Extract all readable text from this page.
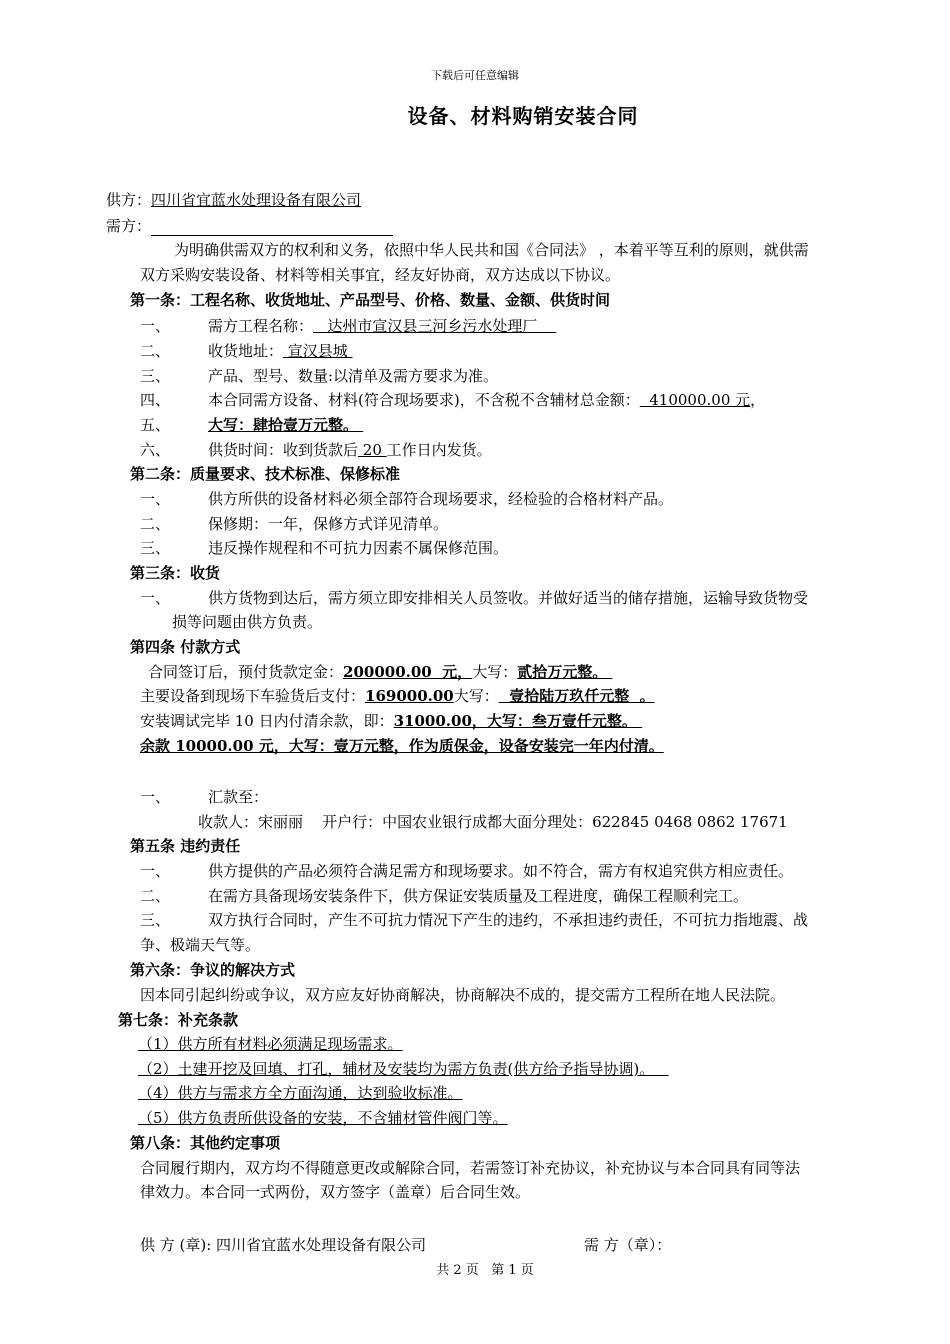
下载后可任意编辑
设备、材料购销安装合同
供方：四川省宜蓝水处理设备有限公司
需方：
为明确供需双方的权利和义务，依照中华人民共和国《合同法》 ，本着平等互利的原则，就供需
双方采购安装设备、材料等相关事宜，经友好协商，双方达成以下协议。
第一条：工程名称、收货地址、产品型号、价格、数量、金额、供货时间
一、	需方工程名称：   达州市宣汉县三河乡污水处理厂
二、	收货地址： 宣汉县城
三、	产品、型号、数量:以清单及需方要求为准。
四、	本合同需方设备、材料(符合现场要求)，不含税不含辅材总金额：  410000.00 元，
五、	大写：肆拾壹万元整。
六、	供货时间：收到货款后 20 工作日内发货。
第二条：质量要求、技术标准、保修标准
一、	供方所供的设备材料必须全部符合现场要求，经检验的合格材料产品。
二、	保修期：一年，保修方式详见清单。
三、	违反操作规程和不可抗力因素不属保修范围。
第三条：收货
一、	供方货物到达后，需方须立即安排相关人员签收。并做好适当的储存措施，运输导致货物受
损等问题由供方负责。
第四条 付款方式
合同签订后，预付货款定金：200000.00  元，大写：贰拾万元整。
主要设备到现场下车验货后支付：169000.00大写：  壹拾陆万玖仟元整  。
安装调试完毕 10 日内付清余款，即：31000.00，大写：叁万壹仟元整。
余款 10000.00 元，大写：壹万元整，作为质保金，设备安装完一年内付清。
一、	汇款至：
收款人：宋丽丽    开户行：中国农业银行成都大面分理处：622845 0468 0862 17671
第五条 违约责任
一、	供方提供的产品必须符合满足需方和现场要求。如不符合，需方有权追究供方相应责任。
二、	在需方具备现场安装条件下，供方保证安装质量及工程进度，确保工程顺利完工。
三、	双方执行合同时，产生不可抗力情况下产生的违约，不承担违约责任，不可抗力指地震、战
争、极端天气等。
第六条：争议的解决方式
因本同引起纠纷或争议，双方应友好协商解决，协商解决不成的，提交需方工程所在地人民法院。
第七条：补充条款
（1）供方所有材料必须满足现场需求。
（2）土建开挖及回填、打孔，辅材及安装均为需方负责(供方给予指导协调)。
（4）供方与需求方全方面沟通，达到验收标准。
（5）供方负责所供设备的安装，不含辅材管件阀门等。
第八条：其他约定事项
合同履行期内，双方均不得随意更改或解除合同，若需签订补充协议，补充协议与本合同具有同等法
律效力。本合同一式两份，双方签字（盖章）后合同生效。
供 方 (章): 四川省宜蓝水处理设备有限公司	需 方（章）：
共 2 页   第 1 页
